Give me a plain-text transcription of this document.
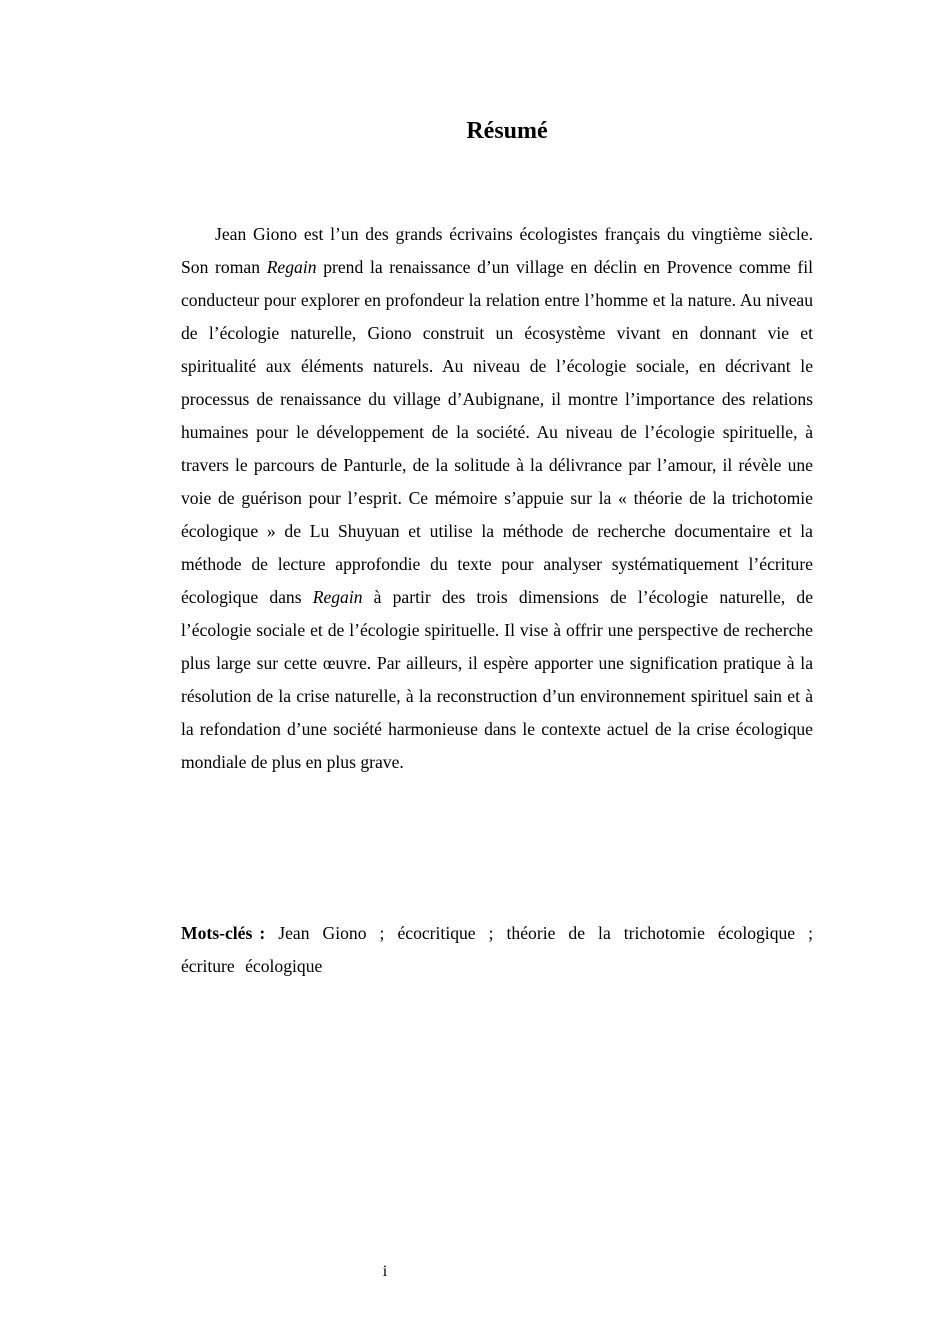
Résumé

Jean Giono est l’un des grands écrivains écologistes français du vingtième siècle. Son roman Regain prend la renaissance d’un village en déclin en Provence comme fil conducteur pour explorer en profondeur la relation entre l’homme et la nature. Au niveau de l’écologie naturelle, Giono construit un écosystème vivant en donnant vie et spiritualité aux éléments naturels. Au niveau de l’écologie sociale, en décrivant le processus de renaissance du village d’Aubignane, il montre l’importance des relations humaines pour le développement de la société. Au niveau de l’écologie spirituelle, à travers le parcours de Panturle, de la solitude à la délivrance par l’amour, il révèle une voie de guérison pour l’esprit. Ce mémoire s’appuie sur la « théorie de la trichotomie écologique » de Lu Shuyuan et utilise la méthode de recherche documentaire et la méthode de lecture approfondie du texte pour analyser systématiquement l’écriture écologique dans Regain à partir des trois dimensions de l’écologie naturelle, de l’écologie sociale et de l’écologie spirituelle. Il vise à offrir une perspective de recherche plus large sur cette œuvre. Par ailleurs, il espère apporter une signification pratique à la résolution de la crise naturelle, à la reconstruction d’un environnement spirituel sain et à la refondation d’une société harmonieuse dans le contexte actuel de la crise écologique mondiale de plus en plus grave.

Mots-clés : Jean Giono ; écocritique ; théorie de la trichotomie écologique ; écriture écologique

i
